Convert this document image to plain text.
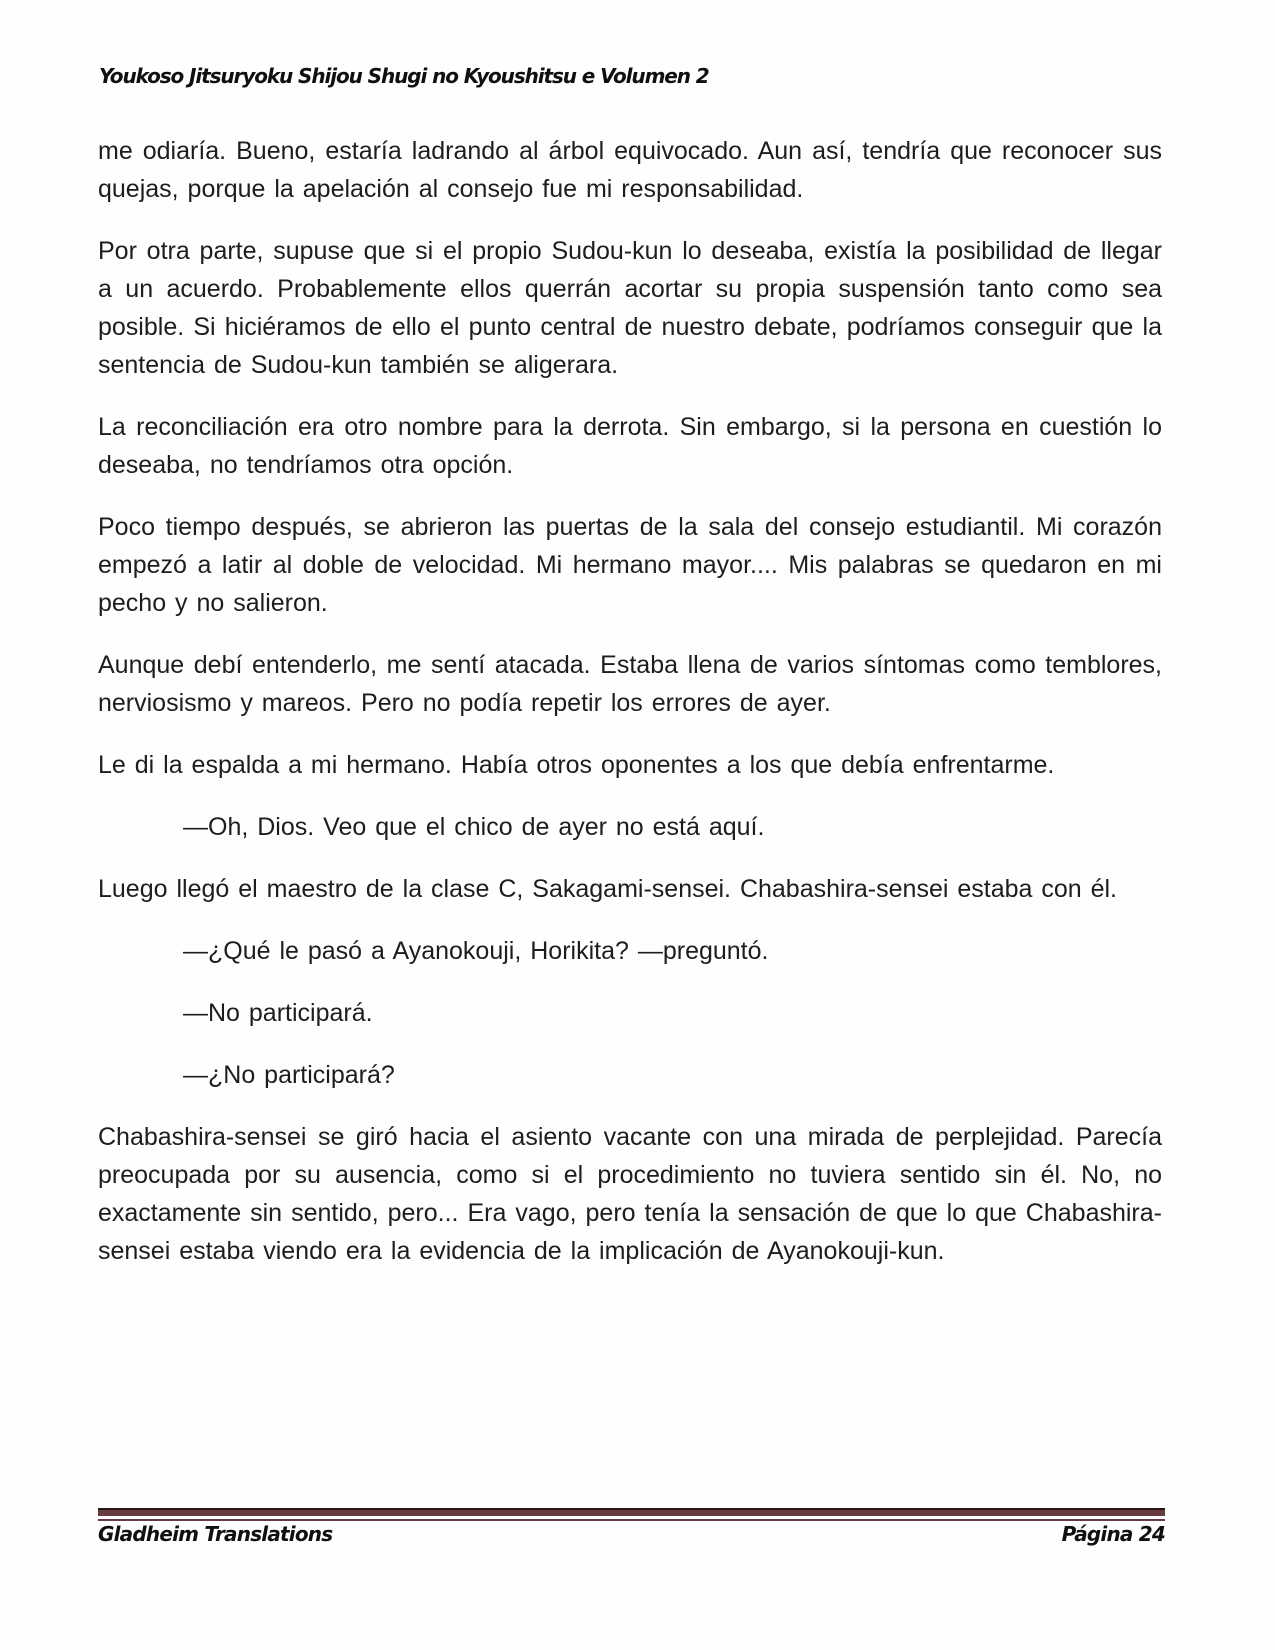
Youkoso Jitsuryoku Shijou Shugi no Kyoushitsu e Volumen 2

me odiaría. Bueno, estaría ladrando al árbol equivocado. Aun así, tendría que reconocer sus quejas, porque la apelación al consejo fue mi responsabilidad.

Por otra parte, supuse que si el propio Sudou-kun lo deseaba, existía la posibilidad de llegar a un acuerdo. Probablemente ellos querrán acortar su propia suspensión tanto como sea posible. Si hiciéramos de ello el punto central de nuestro debate, podríamos conseguir que la sentencia de Sudou-kun también se aligerara.

La reconciliación era otro nombre para la derrota. Sin embargo, si la persona en cuestión lo deseaba, no tendríamos otra opción.

Poco tiempo después, se abrieron las puertas de la sala del consejo estudiantil. Mi corazón empezó a latir al doble de velocidad. Mi hermano mayor.... Mis palabras se quedaron en mi pecho y no salieron.

Aunque debí entenderlo, me sentí atacada. Estaba llena de varios síntomas como temblores, nerviosismo y mareos. Pero no podía repetir los errores de ayer.

Le di la espalda a mi hermano. Había otros oponentes a los que debía enfrentarme.

—Oh, Dios. Veo que el chico de ayer no está aquí.

Luego llegó el maestro de la clase C, Sakagami-sensei. Chabashira-sensei estaba con él.

—¿Qué le pasó a Ayanokouji, Horikita? —preguntó.

—No participará.

—¿No participará?

Chabashira-sensei se giró hacia el asiento vacante con una mirada de perplejidad. Parecía preocupada por su ausencia, como si el procedimiento no tuviera sentido sin él. No, no exactamente sin sentido, pero... Era vago, pero tenía la sensación de que lo que Chabashira-sensei estaba viendo era la evidencia de la implicación de Ayanokouji-kun.

Gladheim Translations	Página 24
